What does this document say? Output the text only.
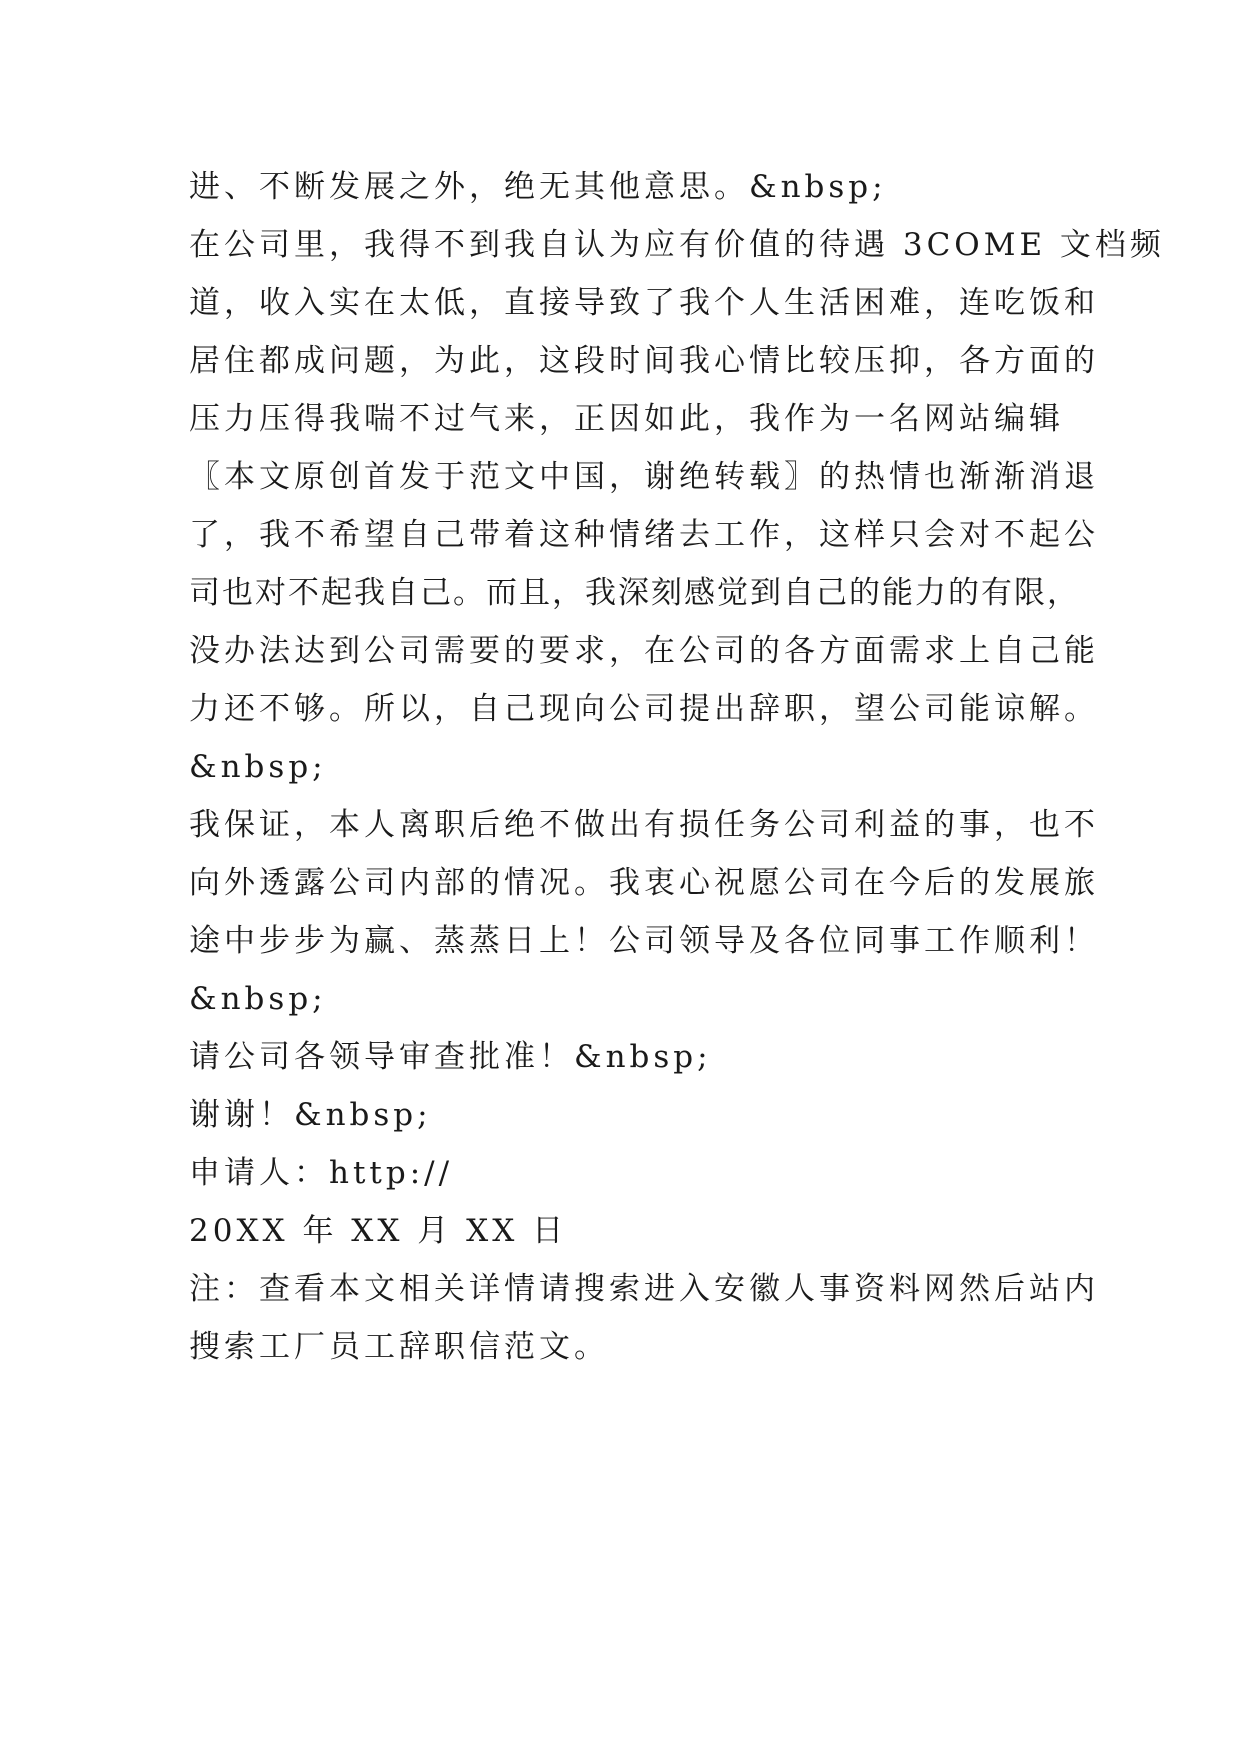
进、不断发展之外，绝无其他意思。&nbsp;
在公司里，我得不到我自认为应有价值的待遇 3COME 文档频
道，收入实在太低，直接导致了我个人生活困难，连吃饭和
居住都成问题，为此，这段时间我心情比较压抑，各方面的
压力压得我喘不过气来，正因如此，我作为一名网站编辑
〖本文原创首发于范文中国，谢绝转载〗的热情也渐渐消退
了，我不希望自己带着这种情绪去工作，这样只会对不起公
司也对不起我自己。而且，我深刻感觉到自己的能力的有限，
没办法达到公司需要的要求，在公司的各方面需求上自己能
力还不够。所以，自己现向公司提出辞职，望公司能谅解。
&nbsp;
我保证，本人离职后绝不做出有损任务公司利益的事，也不
向外透露公司内部的情况。我衷心祝愿公司在今后的发展旅
途中步步为赢、蒸蒸日上！公司领导及各位同事工作顺利！
&nbsp;
请公司各领导审查批准！&nbsp;
谢谢！&nbsp;
申请人：http://
20XX 年 XX 月 XX 日
注：查看本文相关详情请搜索进入安徽人事资料网然后站内
搜索工厂员工辞职信范文。
